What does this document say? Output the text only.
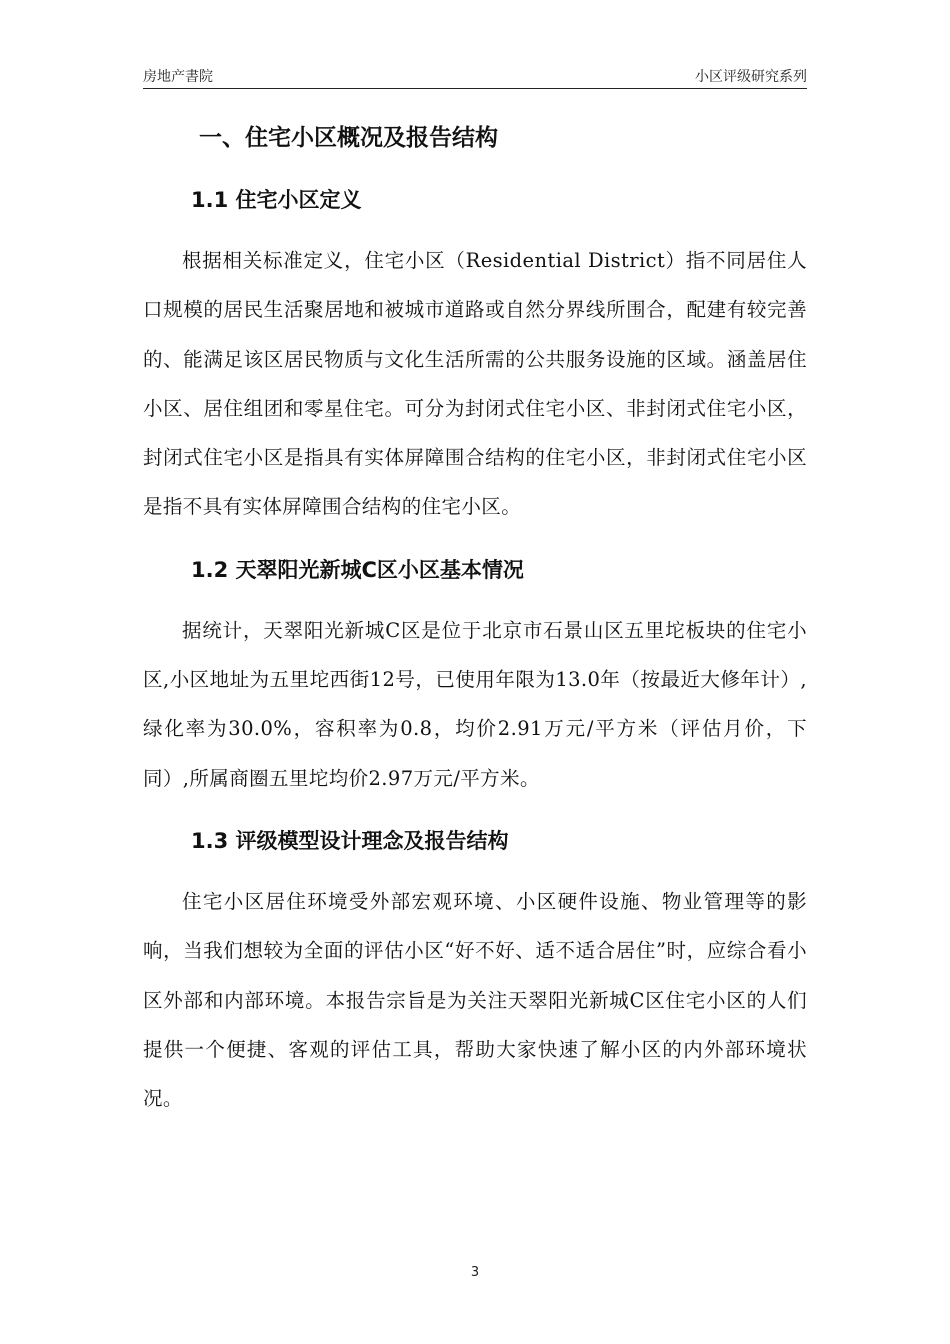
房地产書院	小区评级研究系列
一、住宅小区概况及报告结构
1.1 住宅小区定义

根据相关标准定义，住宅小区（Residential District）指不同居住人口规模的居民生活聚居地和被城市道路或自然分界线所围合，配建有较完善的、能满足该区居民物质与文化生活所需的公共服务设施的区域。涵盖居住小区、居住组团和零星住宅。可分为封闭式住宅小区、非封闭式住宅小区，封闭式住宅小区是指具有实体屏障围合结构的住宅小区，非封闭式住宅小区是指不具有实体屏障围合结构的住宅小区。

1.2 天翠阳光新城C区小区基本情况

据统计，天翠阳光新城C区是位于北京市石景山区五里坨板块的住宅小区,小区地址为五里坨西街12号，已使用年限为13.0年（按最近大修年计）,绿化率为30.0%，容积率为0.8，均价2.91万元/平方米（评估月价，下同）,所属商圈五里坨均价2.97万元/平方米。

1.3 评级模型设计理念及报告结构

住宅小区居住环境受外部宏观环境、小区硬件设施、物业管理等的影响，当我们想较为全面的评估小区“好不好、适不适合居住”时，应综合看小区外部和内部环境。本报告宗旨是为关注天翠阳光新城C区住宅小区的人们提供一个便捷、客观的评估工具，帮助大家快速了解小区的内外部环境状况。

3
